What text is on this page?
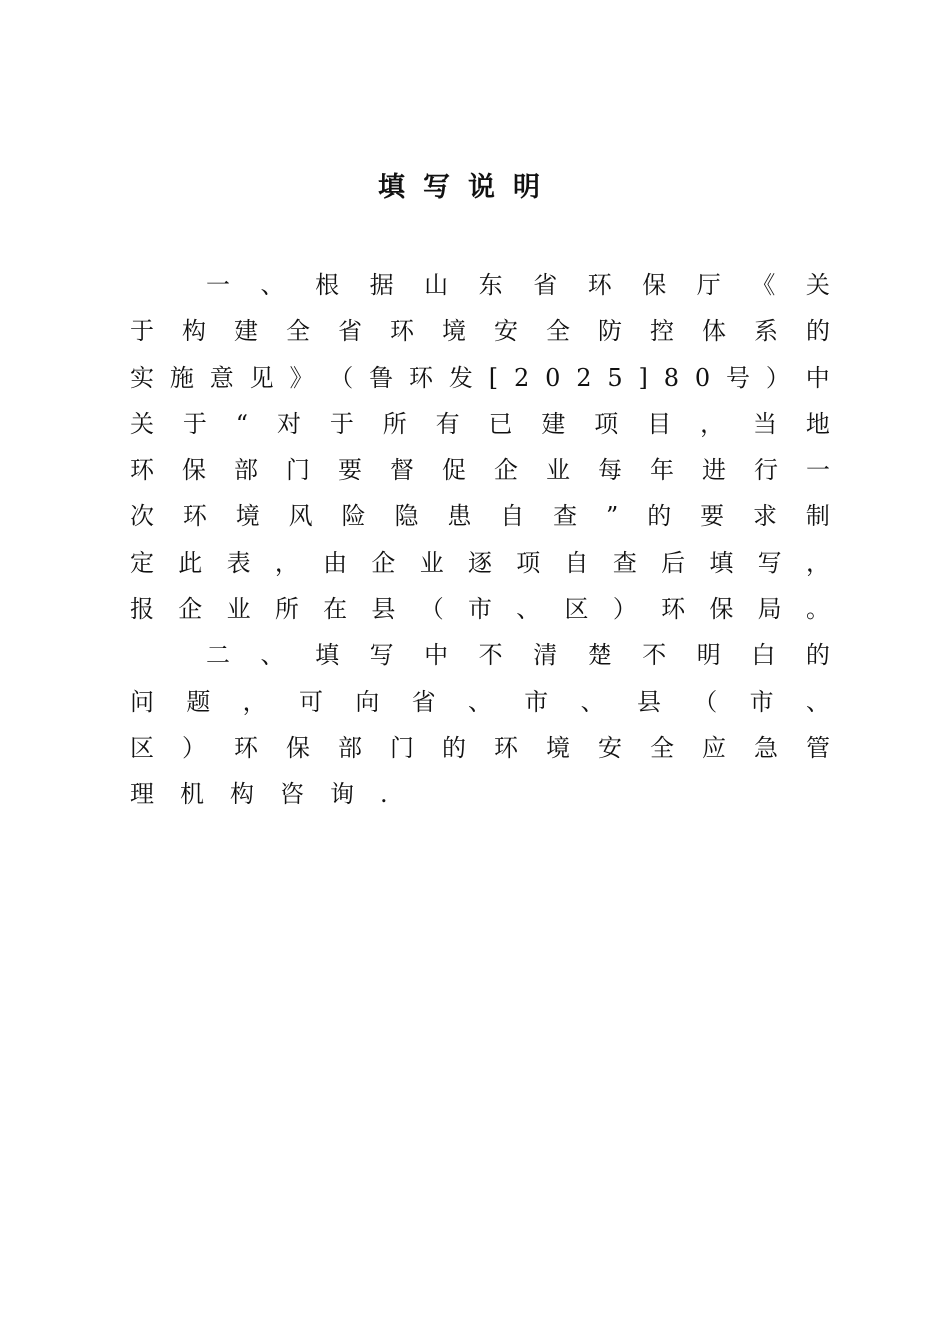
填写说明
一 、 根 据 山 东 省 环 保 厅 《 关
于 构 建 全 省 环 境 安 全 防 控 体 系 的
实 施 意 见 》 （ 鲁 环 发 [ 2 0 2 5 ] 8 0 号 ） 中
关 于 “ 对 于 所 有 已 建 项 目 ， 当 地
环 保 部 门 要 督 促 企 业 每 年 进 行 一
次 环 境 风 险 隐 患 自 查 ” 的 要 求 制
定 此 表 ， 由 企 业 逐 项 自 查 后 填 写 ，
报 企 业 所 在 县 （ 市 、 区 ） 环 保 局 。
二 、 填 写 中 不 清 楚 不 明 白 的
问 题 ， 可 向 省 、 市 、 县 （ 市 、
区 ） 环 保 部 门 的 环 境 安 全 应 急 管
理 机 构 咨 询 .
